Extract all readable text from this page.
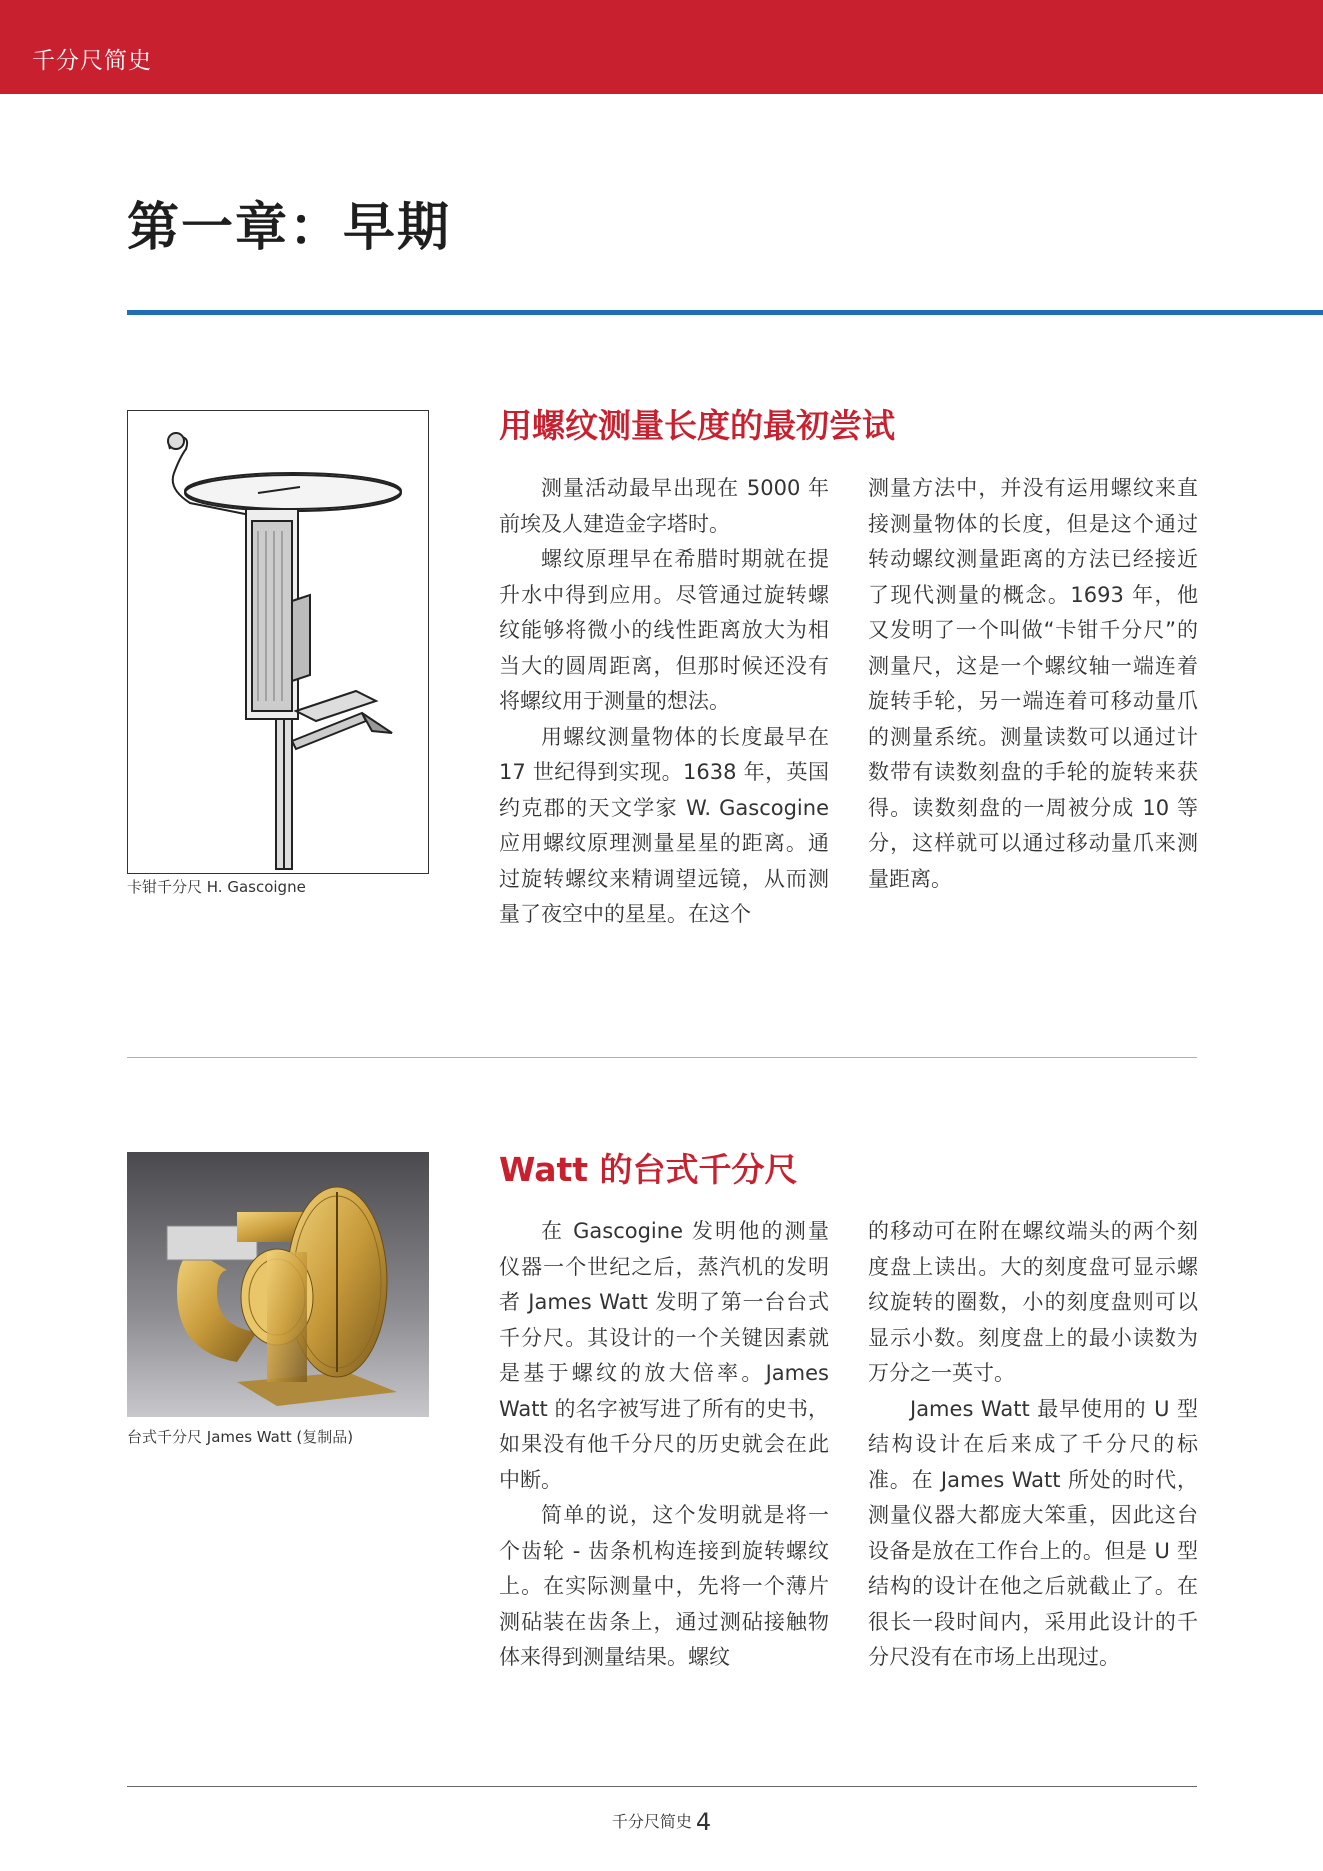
千分尺简史
第一章：早期
卡钳千分尺 H. Gascoigne
用螺纹测量长度的最初尝试

测量活动最早出现在 5000 年前埃及人建造金字塔时。

螺纹原理早在希腊时期就在提升水中得到应用。尽管通过旋转螺纹能够将微小的线性距离放大为相当大的圆周距离，但那时候还没有将螺纹用于测量的想法。

用螺纹测量物体的长度最早在 17 世纪得到实现。1638 年，英国约克郡的天文学家 W. Gascogine 应用螺纹原理测量星星的距离。通过旋转螺纹来精调望远镜，从而测量了夜空中的星星。在这个

测量方法中，并没有运用螺纹来直接测量物体的长度，但是这个通过转动螺纹测量距离的方法已经接近了现代测量的概念。1693 年，他又发明了一个叫做“卡钳千分尺”的测量尺，这是一个螺纹轴一端连着旋转手轮，另一端连着可移动量爪的测量系统。测量读数可以通过计数带有读数刻盘的手轮的旋转来获得。读数刻盘的一周被分成 10 等分，这样就可以通过移动量爪来测量距离。

台式千分尺 James Watt (复制品)
Watt 的台式千分尺

在 Gascogine 发明他的测量仪器一个世纪之后，蒸汽机的发明者 James Watt 发明了第一台台式千分尺。其设计的一个关键因素就是基于螺纹的放大倍率。James Watt 的名字被写进了所有的史书，如果没有他千分尺的历史就会在此中断。

简单的说，这个发明就是将一个齿轮 - 齿条机构连接到旋转螺纹上。在实际测量中，先将一个薄片测砧装在齿条上，通过测砧接触物体来得到测量结果。螺纹

的移动可在附在螺纹端头的两个刻度盘上读出。大的刻度盘可显示螺纹旋转的圈数，小的刻度盘则可以显示小数。刻度盘上的最小读数为万分之一英寸。

James Watt 最早使用的 U 型结构设计在后来成了千分尺的标准。在 James Watt 所处的时代，测量仪器大都庞大笨重，因此这台设备是放在工作台上的。但是 U 型结构的设计在他之后就截止了。在很长一段时间内，采用此设计的千分尺没有在市场上出现过。

千分尺简史 4
